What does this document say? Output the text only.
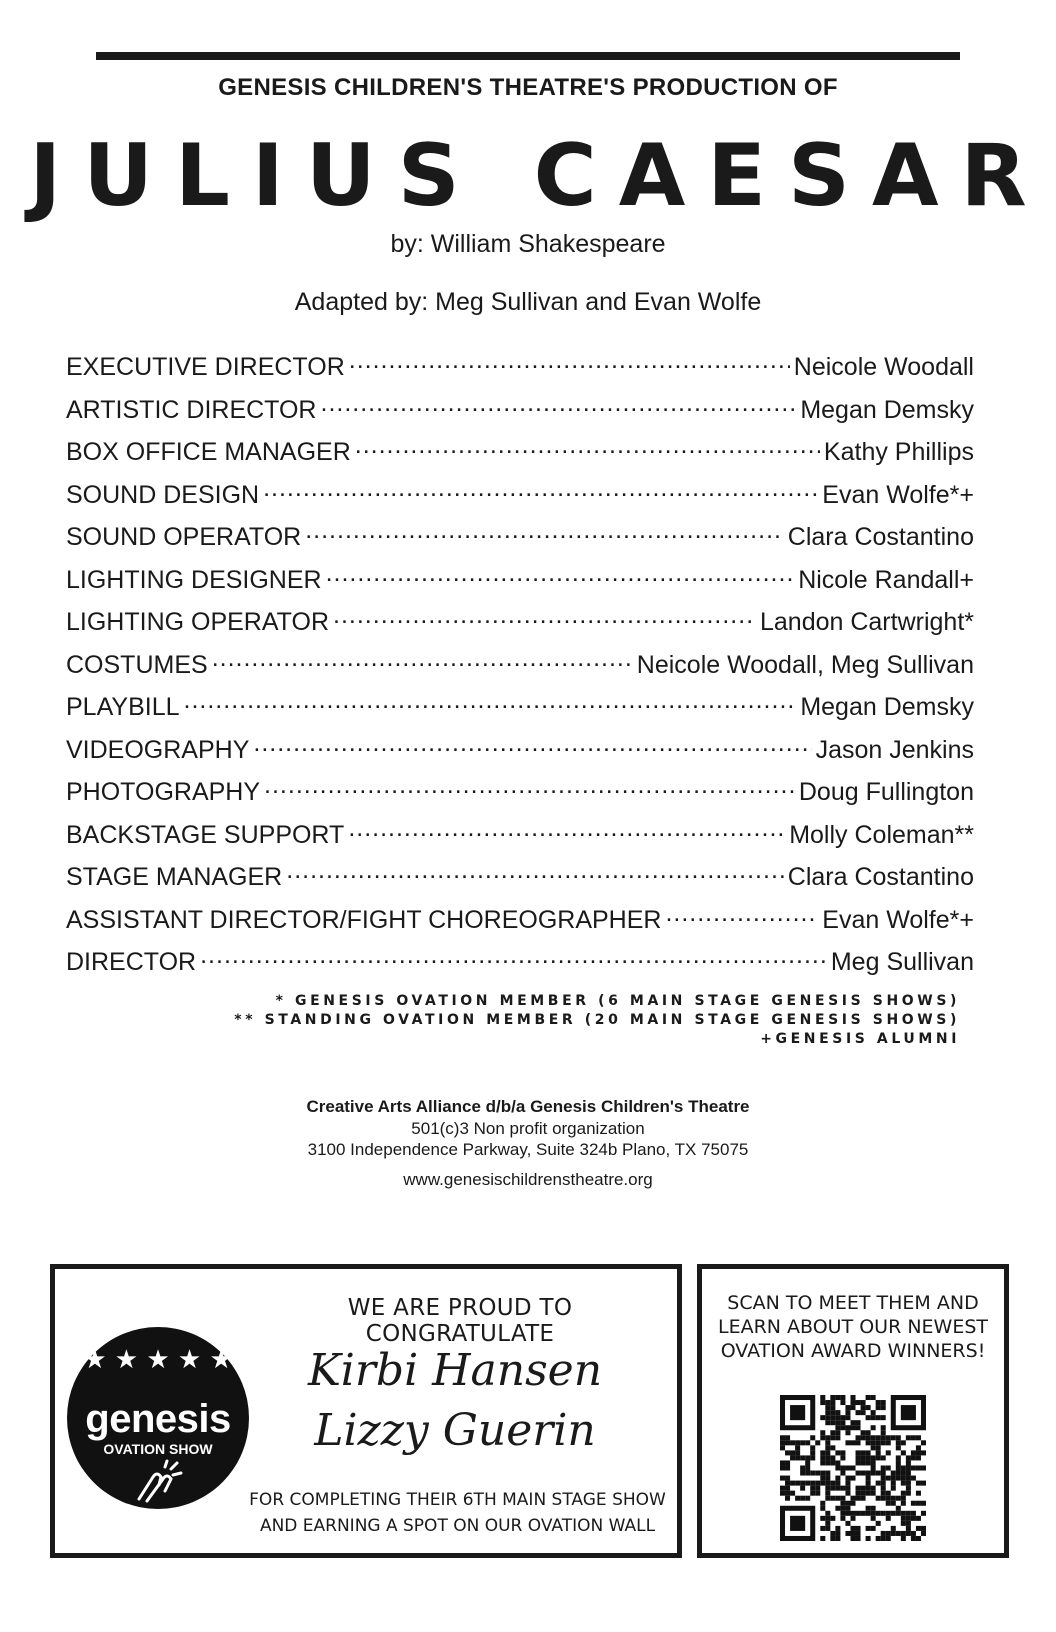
GENESIS CHILDREN'S THEATRE'S PRODUCTION OF
JULIUS CAESAR
by: William Shakespeare
Adapted by: Meg Sullivan and Evan Wolfe
EXECUTIVE DIRECTOR .....	Neicole Woodall
ARTISTIC DIRECTOR .....	Megan Demsky
BOX OFFICE MANAGER .....	Kathy Phillips
SOUND DESIGN .....	Evan Wolfe*+
SOUND OPERATOR .....	Clara Costantino
LIGHTING DESIGNER .....	Nicole Randall+
LIGHTING OPERATOR .....	Landon Cartwright*
COSTUMES .....	Neicole Woodall, Meg Sullivan
PLAYBILL .....	Megan Demsky
VIDEOGRAPHY .....	Jason Jenkins
PHOTOGRAPHY .....	Doug Fullington
BACKSTAGE SUPPORT .....	Molly Coleman**
STAGE MANAGER .....	Clara Costantino
ASSISTANT DIRECTOR/FIGHT CHOREOGRAPHER .....	Evan Wolfe*+
DIRECTOR .....	Meg Sullivan
* GENESIS OVATION MEMBER (6 MAIN STAGE GENESIS SHOWS)
** STANDING OVATION MEMBER (20 MAIN STAGE GENESIS SHOWS)
+GENESIS ALUMNI
Creative Arts Alliance d/b/a Genesis Children's Theatre
501(c)3 Non profit organization
3100 Independence Parkway, Suite 324b Plano, TX 75075
www.genesischildrenstheatre.org
★ ★ ★ ★ ★
genesis
OVATION SHOW
WE ARE PROUD TO CONGRATULATE
Kirbi Hansen
Lizzy Guerin
FOR COMPLETING THEIR 6TH MAIN STAGE SHOW
AND EARNING A SPOT ON OUR OVATION WALL
SCAN TO MEET THEM AND
LEARN ABOUT OUR NEWEST
OVATION AWARD WINNERS!
